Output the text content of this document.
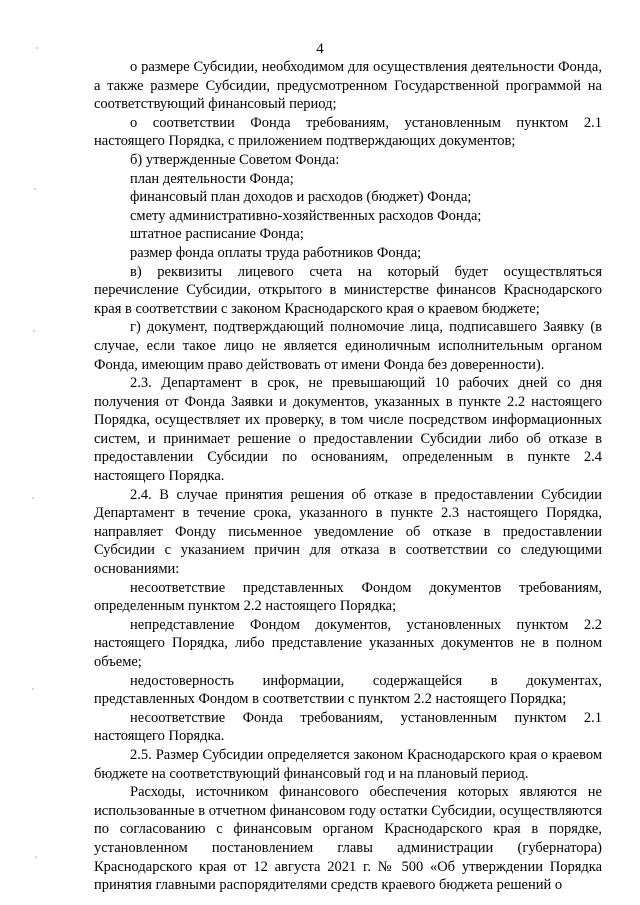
4

о размере Субсидии, необходимом для осуществления деятельности Фонда, а также размере Субсидии, предусмотренном Государственной программой на соответствующий финансовый период;

о соответствии Фонда требованиям, установленным пунктом 2.1 настоящего Порядка, с приложением подтверждающих документов;

б) утвержденные Советом Фонда:

план деятельности Фонда;

финансовый план доходов и расходов (бюджет) Фонда;

смету административно-хозяйственных расходов Фонда;

штатное расписание Фонда;

размер фонда оплаты труда работников Фонда;

в) реквизиты лицевого счета на который будет осуществляться перечисление Субсидии, открытого в министерстве финансов Краснодарского края в соответствии с законом Краснодарского края о краевом бюджете;

г) документ, подтверждающий полномочие лица, подписавшего Заявку (в случае, если такое лицо не является единоличным исполнительным органом Фонда, имеющим право действовать от имени Фонда без доверенности).

2.3. Департамент в срок, не превышающий 10 рабочих дней со дня получения от Фонда Заявки и документов, указанных в пункте 2.2 настоящего Порядка, осуществляет их проверку, в том числе посредством информационных систем, и принимает решение о предоставлении Субсидии либо об отказе в предоставлении Субсидии по основаниям, определенным в пункте 2.4 настоящего Порядка.

2.4. В случае принятия решения об отказе в предоставлении Субсидии Департамент в течение срока, указанного в пункте 2.3 настоящего Порядка, направляет Фонду письменное уведомление об отказе в предоставлении Субсидии с указанием причин для отказа в соответствии со следующими основаниями:

несоответствие представленных Фондом документов требованиям, определенным пунктом 2.2 настоящего Порядка;

непредставление Фондом документов, установленных пунктом 2.2 настоящего Порядка, либо представление указанных документов не в полном объеме;

недостоверность информации, содержащейся в документах, представленных Фондом в соответствии с пунктом 2.2 настоящего Порядка;

несоответствие Фонда требованиям, установленным пунктом 2.1 настоящего Порядка.

2.5. Размер Субсидии определяется законом Краснодарского края о краевом бюджете на соответствующий финансовый год и на плановый период.

Расходы, источником финансового обеспечения которых являются не использованные в отчетном финансовом году остатки Субсидии, осуществляются по согласованию с финансовым органом Краснодарского края в порядке, установленном постановлением главы администрации (губернатора) Краснодарского края от 12 августа 2021 г. № 500 «Об утверждении Порядка принятия главными распорядителями средств краевого бюджета решений о
